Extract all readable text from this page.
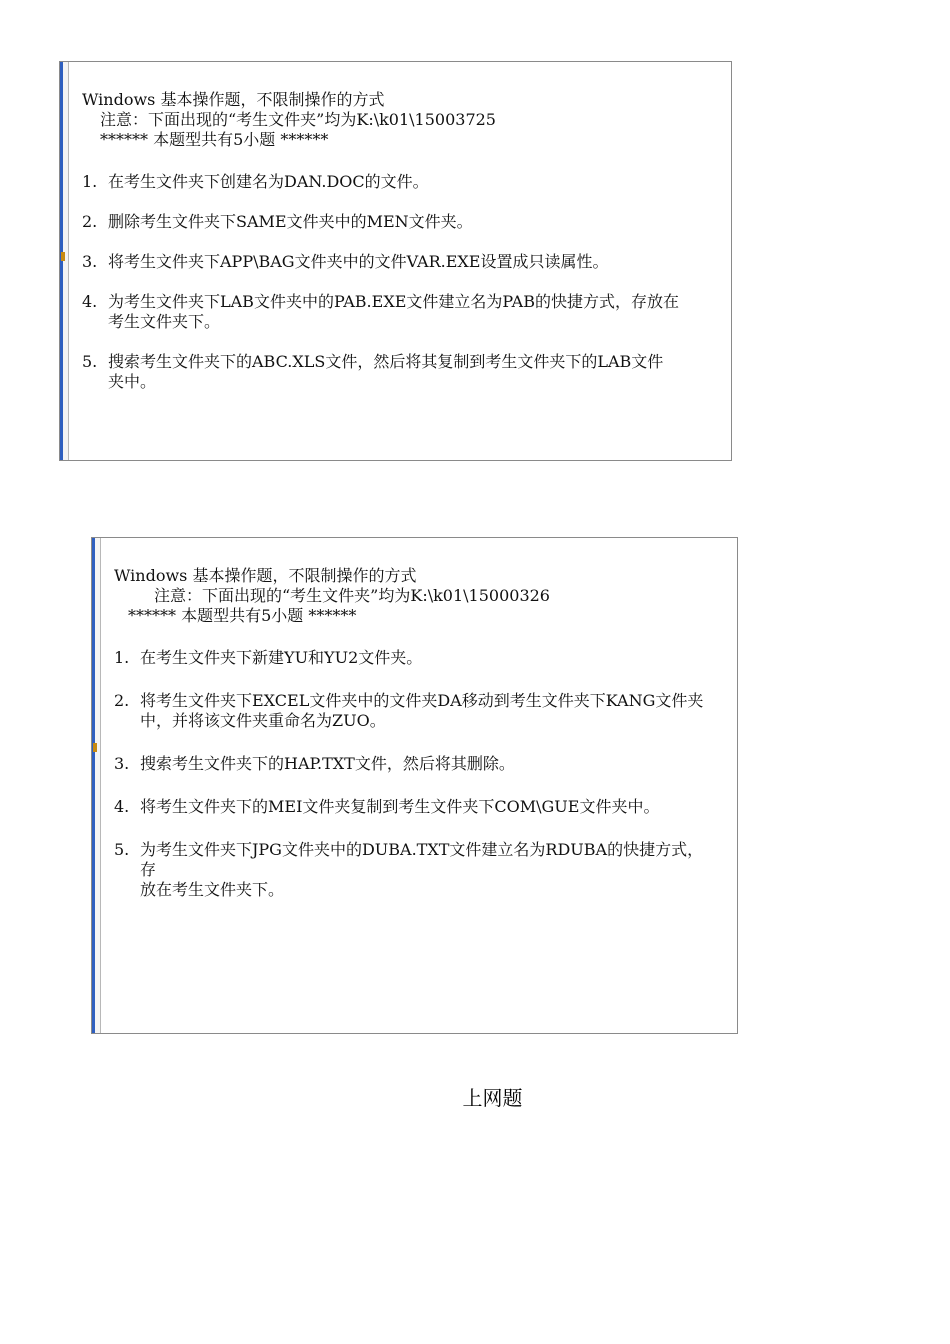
Windows 基本操作题，不限制操作的方式

注意：下面出现的“考生文件夹”均为K:\k01\15003725

****** 本题型共有5小题 ******

1. 在考生文件夹下创建名为DAN.DOC的文件。
2. 删除考生文件夹下SAME文件夹中的MEN文件夹。
3. 将考生文件夹下APP\BAG文件夹中的文件VAR.EXE设置成只读属性。
4. 为考生文件夹下LAB文件夹中的PAB.EXE文件建立名为PAB的快捷方式，存放在
考生文件夹下。
5. 搜索考生文件夹下的ABC.XLS文件，然后将其复制到考生文件夹下的LAB文件
夹中。

Windows 基本操作题，不限制操作的方式

注意：下面出现的“考生文件夹”均为K:\k01\15000326

****** 本题型共有5小题 ******

1. 在考生文件夹下新建YU和YU2文件夹。
2. 将考生文件夹下EXCEL文件夹中的文件夹DA移动到考生文件夹下KANG文件夹
中，并将该文件夹重命名为ZUO。
3. 搜索考生文件夹下的HAP.TXT文件，然后将其删除。
4. 将考生文件夹下的MEI文件夹复制到考生文件夹下COM\GUE文件夹中。
5. 为考生文件夹下JPG文件夹中的DUBA.TXT文件建立名为RDUBA的快捷方式，存
放在考生文件夹下。
上网题
